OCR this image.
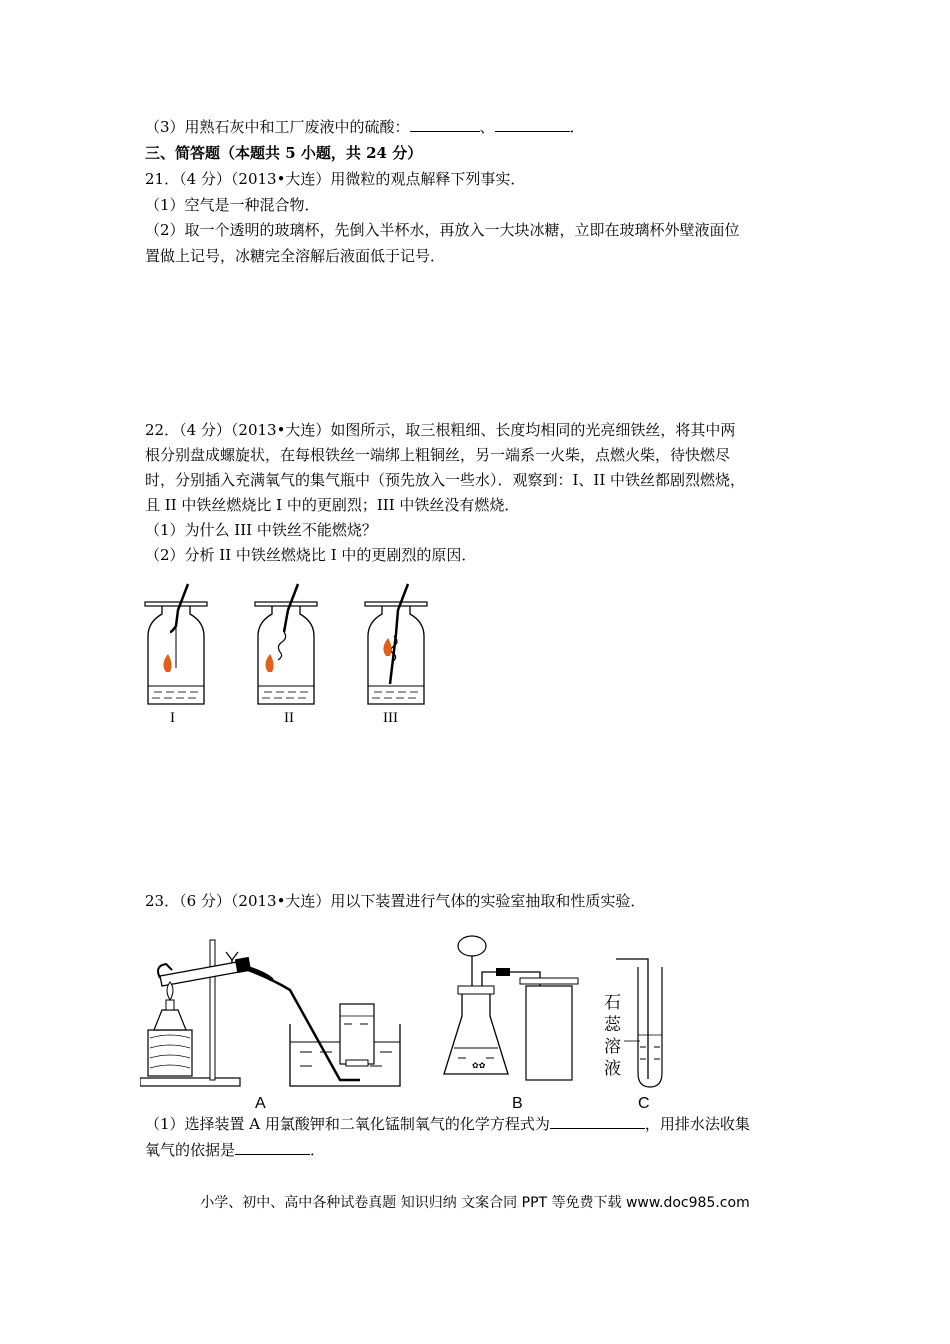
（3）用熟石灰中和工厂废液中的硫酸：	、	．
三、简答题（本题共 5 小题，共 24 分）
21．（4 分）（2013•大连）用微粒的观点解释下列事实．
（1）空气是一种混合物．
（2）取一个透明的玻璃杯，先倒入半杯水，再放入一大块冰糖，立即在玻璃杯外壁液面位
置做上记号，冰糖完全溶解后液面低于记号．
22．（4 分）（2013•大连）如图所示，取三根粗细、长度均相同的光亮细铁丝，将其中两
根分别盘成螺旋状，在每根铁丝一端绑上粗铜丝，另一端系一火柴，点燃火柴，待快燃尽
时，分别插入充满氧气的集气瓶中（预先放入一些水）．观察到：I、II 中铁丝都剧烈燃烧，
且 II 中铁丝燃烧比 I 中的更剧烈；III 中铁丝没有燃烧．
（1）为什么 III 中铁丝不能燃烧？
（2）分析 II 中铁丝燃烧比 I 中的更剧烈的原因．
I	II	III
23．（6 分）（2013•大连）用以下装置进行气体的实验室抽取和性质实验．
A
✿✿
B
石蕊溶液
C
（1）选择装置 A 用氯酸钾和二氧化锰制氧气的化学方程式为	，用排水法收集
氧气的依据是	．
小学、初中、高中各种试卷真题 知识归纳 文案合同 PPT 等免费下载 www.doc985.com
